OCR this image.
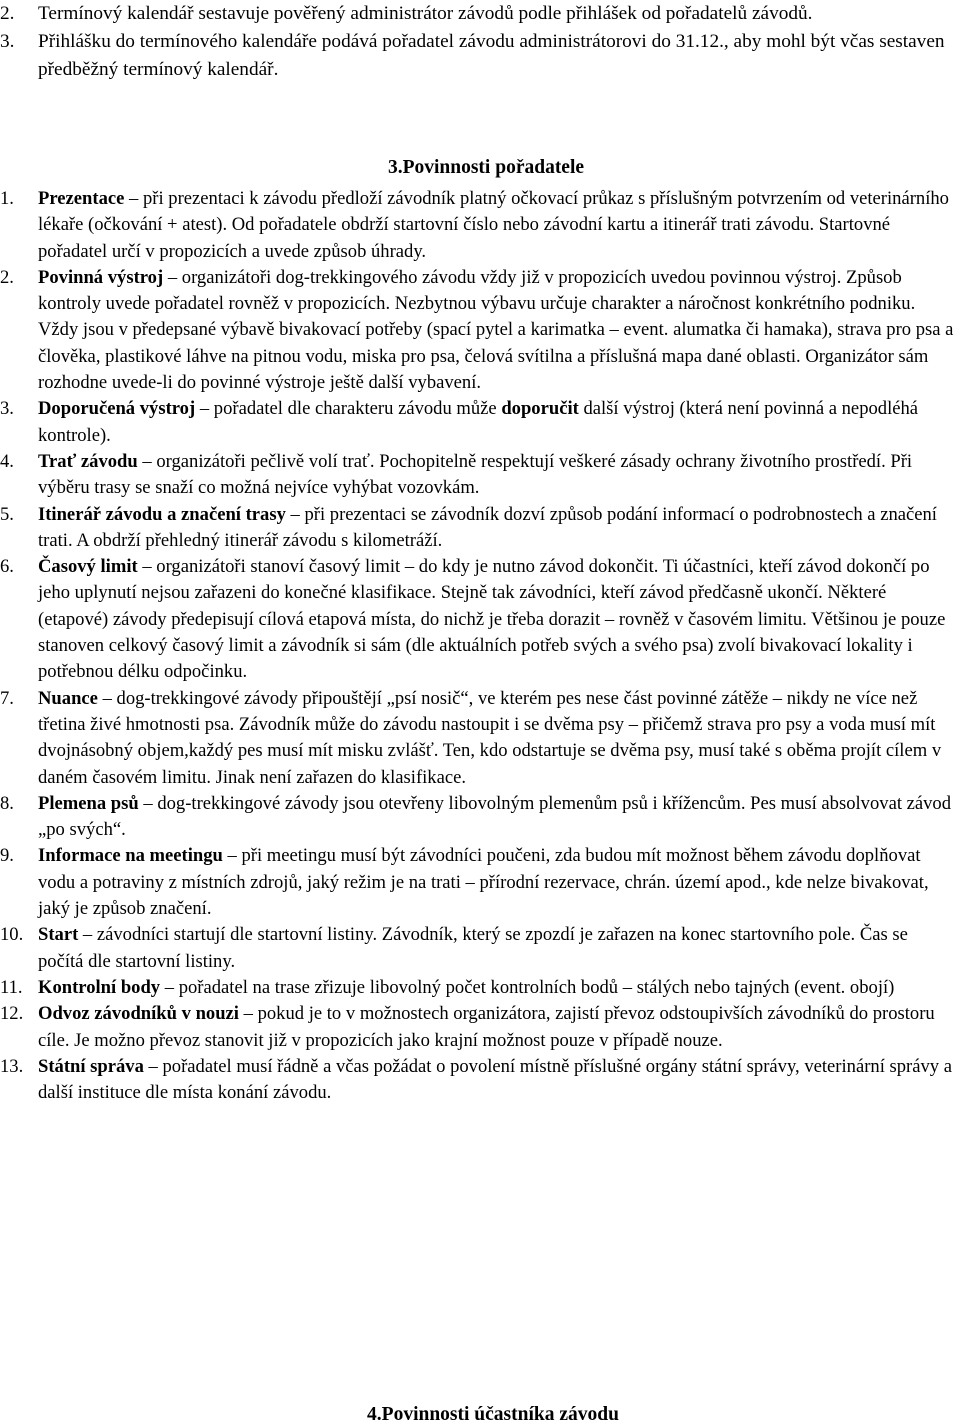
2. Termínový kalendář sestavuje pověřený administrátor závodů podle přihlášek od pořadatelů závodů.
3. Přihlášku do termínového kalendáře podává pořadatel závodu administrátorovi do 31.12., aby mohl být včas sestaven předběžný termínový kalendář.
3.Povinnosti pořadatele
1. Prezentace – při prezentaci k závodu předloží závodník platný očkovací průkaz s příslušným potvrzením od veterinárního lékaře (očkování + atest). Od pořadatele obdrží startovní číslo nebo závodní kartu a itinerář trati závodu. Startovné pořadatel určí v propozicích a uvede způsob úhrady.
2. Povinná výstroj – organizátoři dog-trekkingového závodu vždy již v propozicích uvedou povinnou výstroj. Způsob kontroly uvede pořadatel rovněž v propozicích. Nezbytnou výbavu určuje charakter a náročnost konkrétního podniku. Vždy jsou v předepsané výbavě bivakovací potřeby (spací pytel a karimatka – event. alumatka či hamaka), strava pro psa a člověka, plastikové láhve na pitnou vodu, miska pro psa, čelová svítilna a příslušná mapa dané oblasti. Organizátor sám rozhodne uvede-li do povinné výstroje ještě další vybavení.
3. Doporučená výstroj – pořadatel dle charakteru závodu může doporučit další výstroj (která není povinná a nepodléhá kontrole).
4. Trať závodu – organizátoři pečlivě volí trať. Pochopitelně respektují veškeré zásady ochrany životního prostředí. Při výběru trasy se snaží co možná nejvíce vyhýbat vozovkám.
5. Itinerář závodu a značení trasy – při prezentaci se závodník dozví způsob podání informací o podrobnostech a značení trati. A obdrží přehledný itinerář závodu s kilometráží.
6. Časový limit – organizátoři stanoví časový limit – do kdy je nutno závod dokončit. Ti účastníci, kteří závod dokončí po jeho uplynutí nejsou zařazeni do konečné klasifikace. Stejně tak závodníci, kteří závod předčasně ukončí. Některé (etapové) závody předepisují cílová etapová místa, do nichž je třeba dorazit – rovněž v časovém limitu. Většinou je pouze stanoven celkový časový limit a závodník si sám (dle aktuálních potřeb svých a svého psa) zvolí bivakovací lokality i potřebnou délku odpočinku.
7. Nuance – dog-trekkingové závody připouštějí „psí nosič“, ve kterém pes nese část povinné zátěže – nikdy ne více než třetina živé hmotnosti psa. Závodník může do závodu nastoupit i se dvěma psy – přičemž strava pro psy a voda musí mít dvojnásobný objem,každý pes musí mít misku zvlášť. Ten, kdo odstartuje se dvěma psy, musí také s oběma projít cílem v daném časovém limitu. Jinak není zařazen do klasifikace.
8. Plemena psů – dog-trekkingové závody jsou otevřeny libovolným plemenům psů i křížencům. Pes musí absolvovat závod „po svých“.
9. Informace na meetingu – při meetingu musí být závodníci poučeni, zda budou mít možnost během závodu doplňovat vodu a potraviny z místních zdrojů, jaký režim je na trati – přírodní rezervace, chrán. území apod., kde nelze bivakovat, jaký je způsob značení.
10. Start – závodníci startují dle startovní listiny. Závodník, který se zpozdí je zařazen na konec startovního pole. Čas se počítá dle startovní listiny.
11. Kontrolní body – pořadatel na trase zřizuje libovolný počet kontrolních bodů – stálých nebo tajných (event. obojí)
12. Odvoz závodníků v nouzi – pokud je to v možnostech organizátora, zajistí převoz odstoupivších závodníků do prostoru cíle. Je možno převoz stanovit již v propozicích jako krajní možnost pouze v případě nouze.
13. Státní správa – pořadatel musí řádně a včas požádat o povolení místně příslušné orgány státní správy, veterinární správy a další instituce dle místa konání závodu.
4.Povinnosti účastníka závodu
